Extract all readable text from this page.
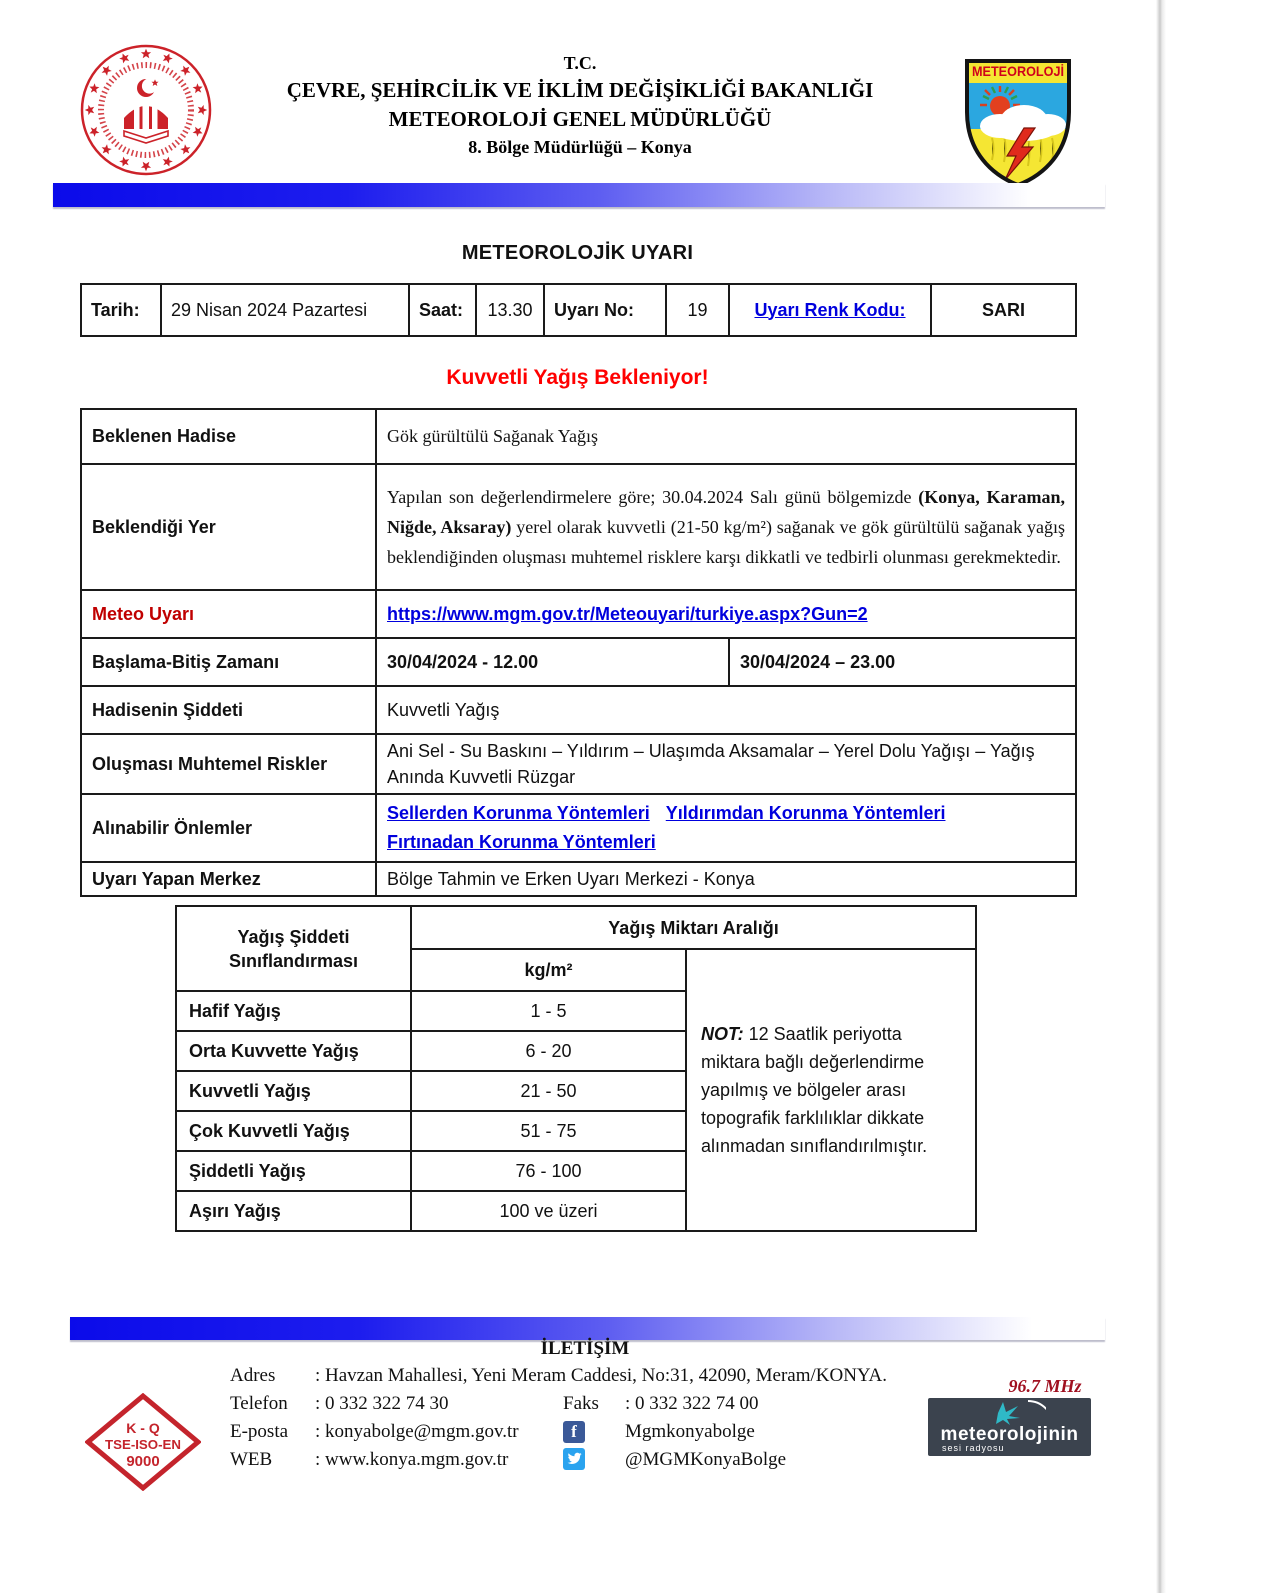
T.C.
ÇEVRE, ŞEHİRCİLİK VE İKLİM DEĞİŞİKLİĞİ BAKANLIĞI
METEOROLOJİ GENEL MÜDÜRLÜĞÜ
8. Bölge Müdürlüğü – Konya
METEOROLOJİ
METEOROLOJİK UYARI
Tarih:	29 Nisan 2024 Pazartesi	Saat:	13.30	Uyarı No:	19	Uyarı Renk Kodu:	SARI
Kuvvetli Yağış Bekleniyor!
Beklenen Hadise	Gök gürültülü Sağanak Yağış	
Beklendiği Yer	Yapılan son değerlendirmelere göre; 30.04.2024 Salı günü bölgemizde (Konya, Karaman, Niğde, Aksaray) yerel olarak kuvvetli (21-50 kg/m²) sağanak ve gök gürültülü sağanak yağış beklendiğinden oluşması muhtemel risklere karşı dikkatli ve tedbirli olunması gerekmektedir.	
Meteo Uyarı	https://www.mgm.gov.tr/Meteouyari/turkiye.aspx?Gun=2	
Başlama-Bitiş Zamanı	30/04/2024 - 12.00	30/04/2024 – 23.00
Hadisenin Şiddeti	Kuvvetli Yağış	
Oluşması Muhtemel Riskler	Ani Sel - Su Baskını – Yıldırım – Ulaşımda Aksamalar – Yerel Dolu Yağışı – Yağış Anında Kuvvetli Rüzgar	
Alınabilir Önlemler	Sellerden Korunma Yöntemleri Yıldırımdan Korunma Yöntemleri
Fırtınadan Korunma Yöntemleri	
Uyarı Yapan Merkez	Bölge Tahmin ve Erken Uyarı Merkezi - Konya	
Yağış Şiddeti Sınıflandırması	Yağış Miktarı Aralığı	
	kg/m²	NOT: 12 Saatlik periyotta miktara bağlı değerlendirme yapılmış ve bölgeler arası topografik farklılıklar dikkate alınmadan sınıflandırılmıştır.
Hafif Yağış	1 - 5	
Orta Kuvvette Yağış	6 - 20	
Kuvvetli Yağış	21 - 50	
Çok Kuvvetli Yağış	51 - 75	
Şiddetli Yağış	76 - 100	
Aşırı Yağış	100 ve üzeri	
İLETİŞİM
Adres	: Havzan Mahallesi, Yeni Meram Caddesi, No:31, 42090, Meram/KONYA.
Telefon	: 0 332 322 74 30	Faks	: 0 332 322 74 00
E-posta	: konyabolge@mgm.gov.tr	f	Mgmkonyabolge
WEB	: www.konya.mgm.gov.tr	@MGMKonyaBolge
K - Q
TSE-ISO-EN
9000
96.7 MHz
meteorolojinin
sesi radyosu
